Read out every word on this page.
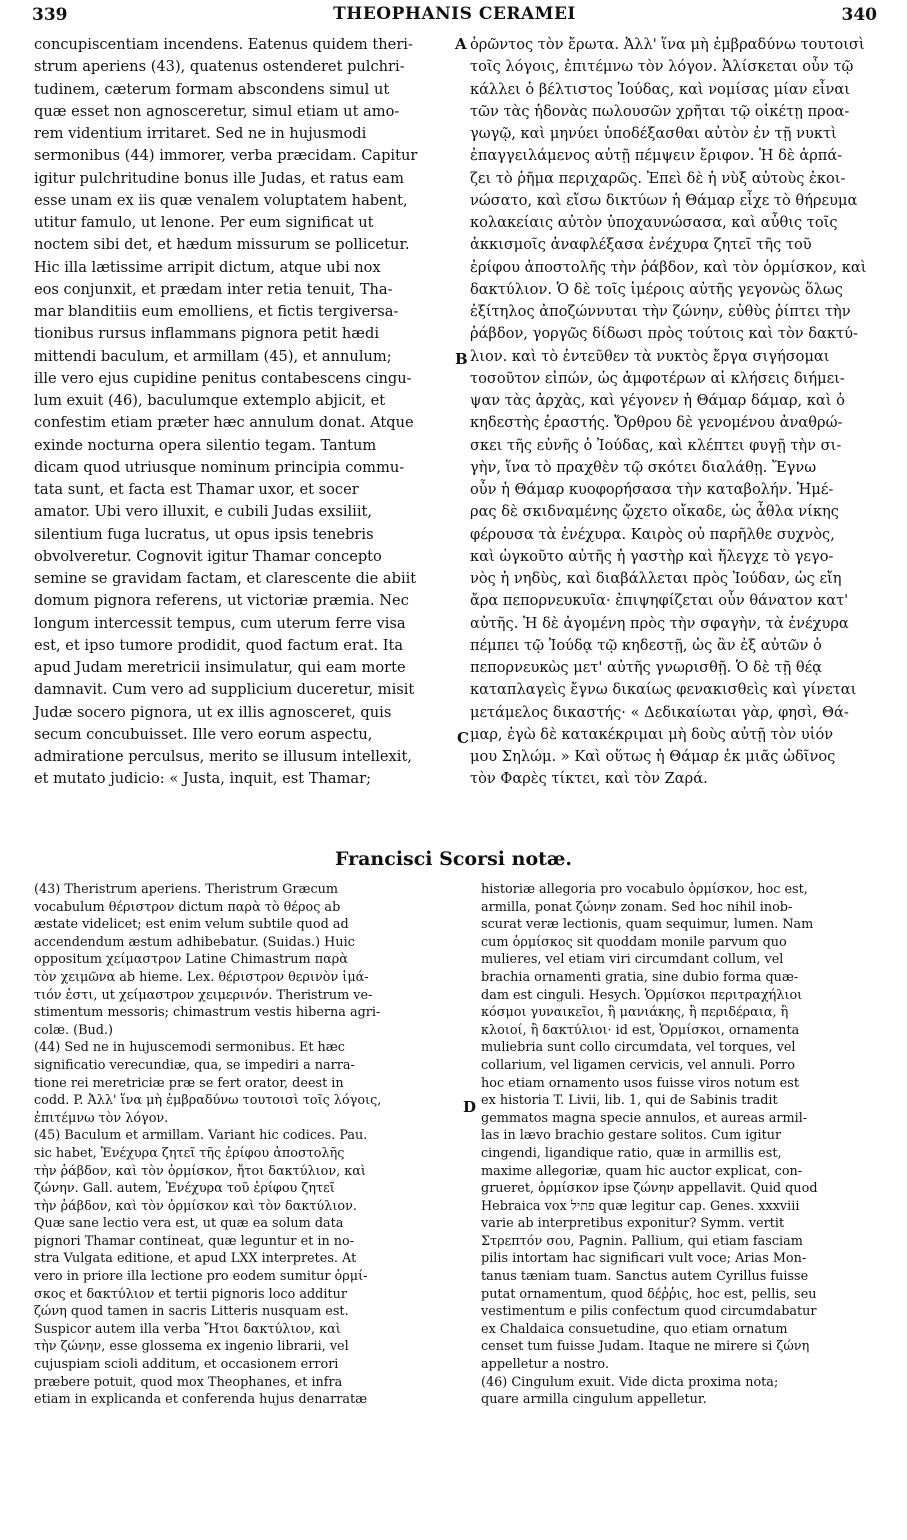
339	THEOPHANIS CERAMEI	340
concupiscentiam incendens. Eatenus quidem theri-
strum aperiens (43), quatenus ostenderet pulchri-
tudinem, cæterum formam abscondens simul ut
quæ esset non agnosceretur, simul etiam ut amo-
rem videntium irritaret. Sed ne in hujusmodi
sermonibus (44) immorer, verba præcidam. Capitur
igitur pulchritudine bonus ille Judas, et ratus eam
esse unam ex iis quæ venalem voluptatem habent,
utitur famulo, ut lenone. Per eum significat ut
noctem sibi det, et hædum missurum se pollicetur.
Hic illa lætissime arripit dictum, atque ubi nox
eos conjunxit, et prædam inter retia tenuit, Tha-
mar blanditiis eum emolliens, et fictis tergiversa-
tionibus rursus inflammans pignora petit hædi
mittendi baculum, et armillam (45), et annulum;
ille vero ejus cupidine penitus contabescens cingu-
lum exuit (46), baculumque extemplo abjicit, et
confestim etiam præter hæc annulum donat. Atque
exinde nocturna opera silentio tegam. Tantum
dicam quod utriusque nominum principia commu-
tata sunt, et facta est Thamar uxor, et socer
amator. Ubi vero illuxit, e cubili Judas exsiliit,
silentium fuga lucratus, ut opus ipsis tenebris
obvolveretur. Cognovit igitur Thamar concepto
semine se gravidam factam, et clarescente die abiit
domum pignora referens, ut victoriæ præmia. Nec
longum intercessit tempus, cum uterum ferre visa
est, et ipso tumore prodidit, quod factum erat. Ita
apud Judam meretricii insimulatur, qui eam morte
damnavit. Cum vero ad supplicium duceretur, misit
Judæ socero pignora, ut ex illis agnosceret, quis
secum concubuisset. Ille vero eorum aspectu,
admiratione perculsus, merito se illusum intellexit,
et mutato judicio: « Justa, inquit, est Thamar;
ὁρῶντος τὸν ἔρωτα. Ἀλλ' ἵνα μὴ ἐμβραδύνω τουτοισὶ
τοῖς λόγοις, ἐπιτέμνω τὸν λόγον. Ἁλίσκεται οὖν τῷ
κάλλει ὁ βέλτιστος Ἰούδας, καὶ νομίσας μίαν εἶναι
τῶν τὰς ἡδονὰς πωλουσῶν χρῆται τῷ οἰκέτῃ προα-
γωγῷ, καὶ μηνύει ὑποδέξασθαι αὐτὸν ἐν τῇ νυκτὶ
ἐπαγγειλάμενος αὐτῇ πέμψειν ἔριφον. Ἡ δὲ ἁρπά-
ζει τὸ ῥῆμα περιχαρῶς. Ἐπεὶ δὲ ἡ νὺξ αὐτοὺς ἐκοι-
νώσατο, καὶ εἴσω δικτύων ἡ Θάμαρ εἶχε τὸ θήρευμα
κολακείαις αὐτὸν ὑποχαυνώσασα, καὶ αὖθις τοῖς
ἀκκισμοῖς ἀναφλέξασα ἐνέχυρα ζητεῖ τῆς τοῦ
ἐρίφου ἀποστολῆς τὴν ῥάβδον, καὶ τὸν ὁρμίσκον, καὶ
δακτύλιον. Ὁ δὲ τοῖς ἱμέροις αὐτῆς γεγονὼς ὅλως
ἐξίτηλος ἀποζώννυται τὴν ζώνην, εὐθὺς ῥίπτει τὴν
ῥάβδον, γοργῶς δίδωσι πρὸς τούτοις καὶ τὸν δακτύ-
λιον. καὶ τὸ ἐντεῦθεν τὰ νυκτὸς ἔργα σιγήσομαι
τοσοῦτον εἰπών, ὡς ἀμφοτέρων αἱ κλήσεις διήμει-
ψαν τὰς ἀρχὰς, καὶ γέγονεν ἡ Θάμαρ δάμαρ, καὶ ὁ
κηδεστὴς ἐραστής. Ὄρθρου δὲ γενομένου ἀναθρώ-
σκει τῆς εὐνῆς ὁ Ἰούδας, καὶ κλέπτει φυγῇ τὴν σι-
γὴν, ἵνα τὸ πραχθὲν τῷ σκότει διαλάθῃ. Ἔγνω
οὖν ἡ Θάμαρ κυοφορήσασα τὴν καταβολήν. Ἡμέ-
ρας δὲ σκιδναμένης ᾤχετο οἴκαδε, ὡς ἆθλα νίκης
φέρουσα τὰ ἐνέχυρα. Καιρὸς οὐ παρῆλθε συχνὸς,
καὶ ὠγκοῦτο αὐτῆς ἡ γαστὴρ καὶ ἤλεγχε τὸ γεγο-
νὸς ἡ νηδὺς, καὶ διαβάλλεται πρὸς Ἰούδαν, ὡς εἴη
ἄρα πεπορνευκυῖα· ἐπιψηφίζεται οὖν θάνατον κατ'
αὐτῆς. Ἡ δὲ ἀγομένη πρὸς τὴν σφαγὴν, τὰ ἐνέχυρα
πέμπει τῷ Ἰούδᾳ τῷ κηδεστῇ, ὡς ἂν ἐξ αὐτῶν ὁ
πεπορνευκὼς μετ' αὐτῆς γνωρισθῇ. Ὁ δὲ τῇ θέᾳ
καταπλαγεὶς ἔγνω δικαίως φενακισθεὶς καὶ γίνεται
μετάμελος δικαστής· « Δεδικαίωται γὰρ, φησὶ, Θά-
μαρ, ἐγὼ δὲ κατακέκριμαι μὴ δοὺς αὐτῇ τὸν υἱόν
μου Σηλώμ. » Καὶ οὕτως ἡ Θάμαρ ἐκ μιᾶς ὠδῖνος
τὸν Φαρὲς τίκτει, καὶ τὸν Ζαρά.
A
B
C
D
Francisci Scorsi notæ.
(43) Theristrum aperiens. Theristrum Græcum
vocabulum θέριστρον dictum παρὰ τὸ θέρος ab
æstate videlicet; est enim velum subtile quod ad
accendendum æstum adhibebatur. (Suidas.) Huic
oppositum χείμαστρον Latine Chimastrum παρὰ
τὸν χειμῶνα ab hieme. Lex. θέριστρον θερινὸν ἱμά-
τιόν ἐστι, ut χείμαστρον χειμερινόν. Theristrum ve-
stimentum messoris; chimastrum vestis hiberna agri-
colæ. (Bud.)
(44) Sed ne in hujuscemodi sermonibus. Et hæc
significatio verecundiæ, qua, se impediri a narra-
tione rei meretriciæ præ se fert orator, deest in
codd. P. Ἀλλ' ἵνα μὴ ἐμβραδύνω τουτοισὶ τοῖς λόγοις,
ἐπιτέμνω τὸν λόγον.
(45) Baculum et armillam. Variant hic codices. Pau.
sic habet, Ἐνέχυρα ζητεῖ τῆς ἐρίφου ἀποστολῆς
τὴν ῥάβδον, καὶ τὸν ὁρμίσκον, ἤτοι δακτύλιον, καὶ
ζώνην. Gall. autem, Ἐνέχυρα τοῦ ἐρίφου ζητεῖ
τὴν ῥάβδον, καὶ τὸν ὁρμίσκον καὶ τὸν δακτύλιον.
Quæ sane lectio vera est, ut quæ ea solum data
pignori Thamar contineat, quæ leguntur et in no-
stra Vulgata editione, et apud LXX interpretes. At
vero in priore illa lectione pro eodem sumitur ὁρμί-
σκος et δακτύλιον et tertii pignoris loco additur
ζώνη quod tamen in sacris Litteris nusquam est.
Suspicor autem illa verba Ἤτοι δακτύλιον, καὶ
τὴν ζώνην, esse glossema ex ingenio librarii, vel
cujuspiam scioli additum, et occasionem errori
præbere potuit, quod mox Theophanes, et infra
etiam in explicanda et conferenda hujus denarratæ
historiæ allegoria pro vocabulo ὁρμίσκον, hoc est,
armilla, ponat ζώνην zonam. Sed hoc nihil inob-
scurat veræ lectionis, quam sequimur, lumen. Nam
cum ὁρμίσκος sit quoddam monile parvum quo
mulieres, vel etiam viri circumdant collum, vel
brachia ornamenti gratia, sine dubio forma quæ-
dam est cinguli. Hesych. Ὁρμίσκοι περιτραχήλιοι
κόσμοι γυναικεῖοι, ἢ μανιάκης, ἢ περιδέραια, ἢ
κλοιοί, ἢ δακτύλιοι· id est, Ὁρμίσκοι, ornamenta
muliebria sunt collo circumdata, vel torques, vel
collarium, vel ligamen cervicis, vel annuli. Porro
hoc etiam ornamento usos fuisse viros notum est
ex historia T. Livii, lib. 1, qui de Sabinis tradit
gemmatos magna specie annulos, et aureas armil-
las in lævo brachio gestare solitos. Cum igitur
cingendi, ligandique ratio, quæ in armillis est,
maxime allegoriæ, quam hic auctor explicat, con-
grueret, ὁρμίσκον ipse ζώνην appellavit. Quid quod
Hebraica vox פתיל quæ legitur cap. Genes. xxxviii
varie ab interpretibus exponitur? Symm. vertit
Στρεπτόν σου, Pagnin. Pallium, qui etiam fasciam
pilis intortam hac significari vult voce; Arias Mon-
tanus tæniam tuam. Sanctus autem Cyrillus fuisse
putat ornamentum, quod δέῤῥις, hoc est, pellis, seu
vestimentum e pilis confectum quod circumdabatur
ex Chaldaica consuetudine, quo etiam ornatum
censet tum fuisse Judam. Itaque ne mirere si ζώνη
appelletur a nostro.
(46) Cingulum exuit. Vide dicta proxima nota;
quare armilla cingulum appelletur.
